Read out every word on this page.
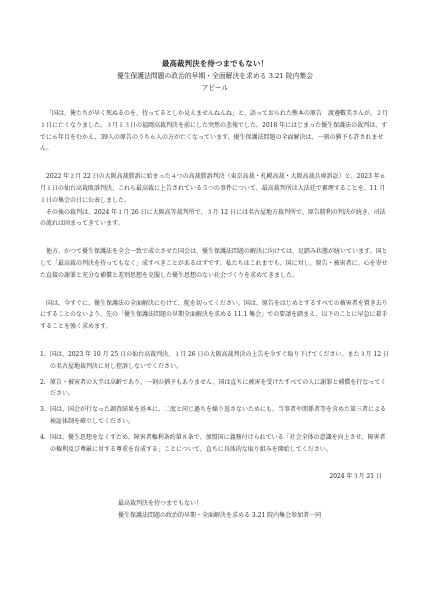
最高裁判決を待つまでもない！
優生保護法問題の政治的早期・全面解決を求める 3.21 院内集会
アピール

「国は、俺たちが早く死ぬるのを、待ってるとしか見えませんねんね」と、語っておられた熊本の原告　渡邊數美さんが、２月１日に亡くなりました。３月１３日の福岡高裁判決を前にした突然の悲報でした。2018 年にはじまった優生保護法の裁判は、すでに６年目をむかえ、39人の原告のうち６人の方が亡くなっています。優生保護法問題の全面解決は、一刻の猶予も許されません。

2022 年２月 22 日の大阪高裁勝訴に始まった４つの高裁勝訴判決（東京高裁・札幌高裁・大阪高裁兵庫訴訟）と、2023 年６月１日の仙台高裁敗訴判決、これら最高裁に上告されている５つの事件について、最高裁判所は大法廷で審理することを、11 月１日の集会の日に公表しました。

その後の裁判は、2024 年１月 26 日に大阪高等裁判所で、３月 12 日には名古屋地方裁判所で、原告勝利の判決が続き、司法の流れは固まってきています。

他方、かつて優生保護法を全会一致で成立させた国会は、優生保護法問題の解決に向けては、足踏み状態が続いています。国として「最高裁の判決を待ってもなく」成すべきことがあるはずです。私たちはこれまでも、国に対し、原告・被害者に、心を寄せた直接の謝罪と充分な補償と差別思想を克服した優生思想のない社会づくりを求めてきました。

国は、今すぐに、優生保護法の全面解決にむけて、舵を切ってください。国は、原告をはじめとするすべての被害者を置き去りにすることのないよう、先の「優生保護法問題の早期全面解決を求める 11.1 集会」での要請を踏まえ、以下のことに早急に着手することを強く求めます。

1. 国は、2023 年 10 月 25 日の仙台高裁判決、１月 26 日の大阪高裁判決の上告を今すぐ取り下げてください。また３月 12 日の名古屋地裁判決に対し控訴しないでください。
2. 原告・被害者の大半は高齢であり、一刻の猶予もありません。国は直ちに被害を受けたすべての人に謝罪と補償を行なってください。
3. 国は、国会が行なった調査結果を基本に、二度と同じ過ちを繰り返さないためにも、当事者や関係者等を含めた第三者による検証体制を確立してください。
4. 国は、優生思想をなくすため、障害者権利条約第８条で、加盟国に義務付けられている「社会全体の意識を向上させ、障害者の権利及び尊厳に対する尊重を育成する」ことについて、直ちに具体的な取り組みを開始してください。
2024 年３月 21 日
最高裁判決を待つまでもない！
優生保護法問題の政治的早期・全面解決を求める 3.21 院内集会参加者一同
